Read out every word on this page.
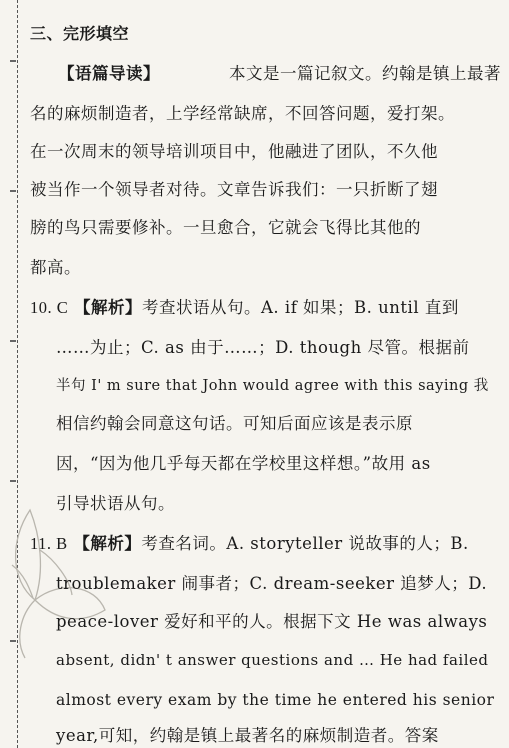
三、完形填空
【语篇导读】	本文是一篇记叙文。约翰是镇上最著
名的麻烦制造者，上学经常缺席，不回答问题，爱打架。
在一次周末的领导培训项目中，他融进了团队，不久他
被当作一个领导者对待。文章告诉我们：一只折断了翅
膀的鸟只需要修补。一旦愈合，它就会飞得比其他的
都高。
10. C 【解析】考查状语从句。A. if 如果；B. until 直到
……为止；C. as 由于……；D. though 尽管。根据前
半句 I' m sure that John would agree with this saying 我
相信约翰会同意这句话。可知后面应该是表示原
因，“因为他几乎每天都在学校里这样想。”故用 as
引导状语从句。
11. B 【解析】考查名词。A. storyteller 说故事的人；B.
troublemaker 闹事者；C. dream-seeker 追梦人；D.
peace-lover 爱好和平的人。根据下文 He was always
absent, didn' t answer questions and … He had failed
almost every exam by the time he entered his senior
year,可知，约翰是镇上最著名的麻烦制造者。答案
